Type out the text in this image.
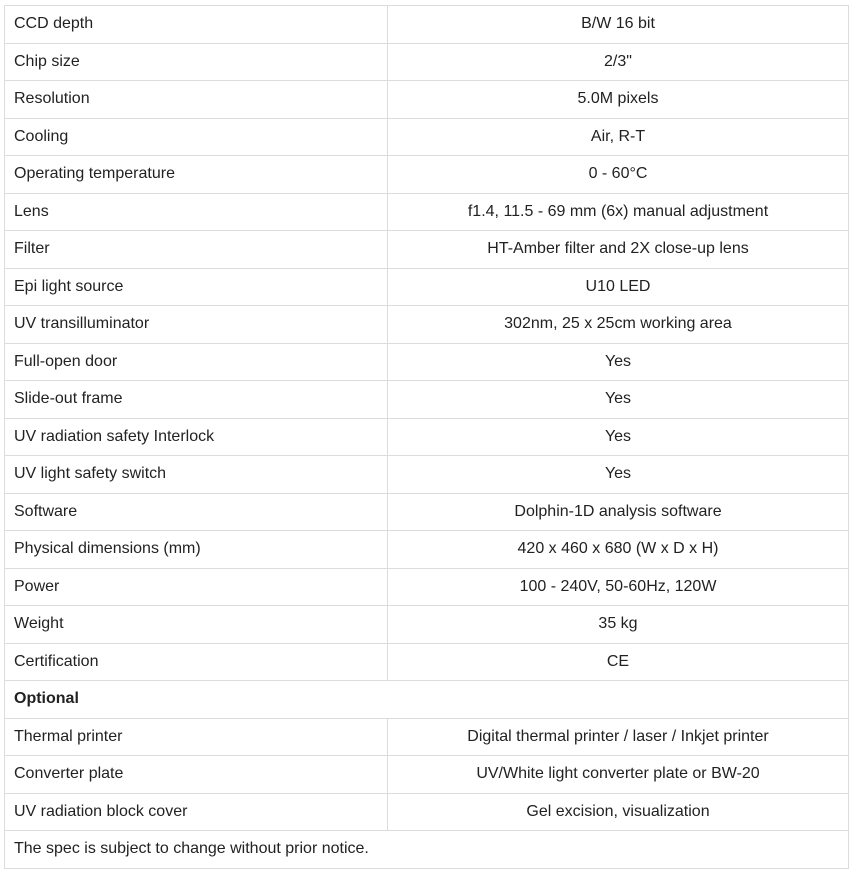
CCD depth	B/W 16 bit
Chip size	2/3"
Resolution	5.0M pixels
Cooling	Air, R-T
Operating temperature	0 - 60°C
Lens	f1.4, 11.5 - 69 mm (6x) manual adjustment
Filter	HT-Amber filter and 2X close-up lens
Epi light source	U10 LED
UV transilluminator	302nm, 25 x 25cm working area
Full-open door	Yes
Slide-out frame	Yes
UV radiation safety Interlock	Yes
UV light safety switch	Yes
Software	Dolphin-1D analysis software
Physical dimensions (mm)	420 x 460 x 680 (W x D x H)
Power	100 - 240V, 50-60Hz, 120W
Weight	35 kg
Certification	CE
Optional	
Thermal printer	Digital thermal printer / laser / Inkjet printer
Converter plate	UV/White light converter plate or BW-20
UV radiation block cover	Gel excision, visualization
The spec is subject to change without prior notice.	
